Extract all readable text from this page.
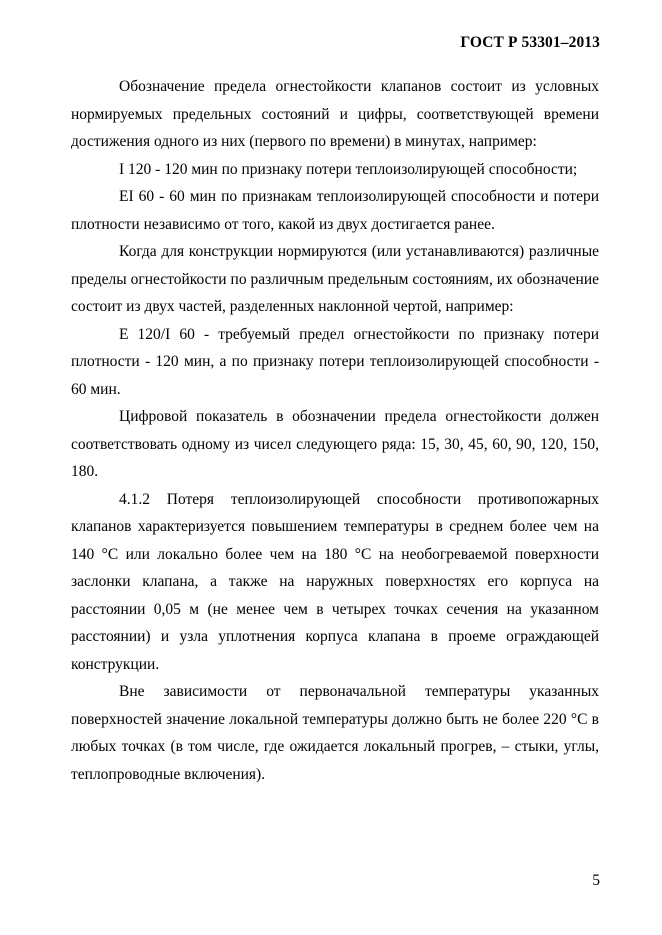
ГОСТ Р 53301–2013

Обозначение предела огнестойкости клапанов состоит из условных нормируемых предельных состояний и цифры, соответствующей времени достижения одного из них (первого по времени) в минутах, например:

I 120 - 120 мин по признаку потери теплоизолирующей способности;

EI 60 - 60 мин по признакам теплоизолирующей способности и потери плотности независимо от того, какой из двух достигается ранее.

Когда для конструкции нормируются (или устанавливаются) различные пределы огнестойкости по различным предельным состояниям, их обозначение состоит из двух частей, разделенных наклонной чертой, например:

Е 120/I 60 - требуемый предел огнестойкости по признаку потери плотности - 120 мин, а по признаку потери теплоизолирующей способности - 60 мин.

Цифровой показатель в обозначении предела огнестойкости должен соответствовать одному из чисел следующего ряда: 15, 30, 45, 60, 90, 120, 150, 180.

4.1.2 Потеря теплоизолирующей способности противопожарных клапанов характеризуется повышением температуры в среднем более чем на 140 °С или локально более чем на 180 °С на необогреваемой поверхности заслонки клапана, а также на наружных поверхностях его корпуса на расстоянии 0,05 м (не менее чем в четырех точках сечения на указанном расстоянии) и узла уплотнения корпуса клапана в проеме ограждающей конструкции.

Вне зависимости от первоначальной температуры указанных поверхностей значение локальной температуры должно быть не более 220 °С в любых точках (в том числе, где ожидается локальный прогрев, – стыки, углы, теплопроводные включения).

5
